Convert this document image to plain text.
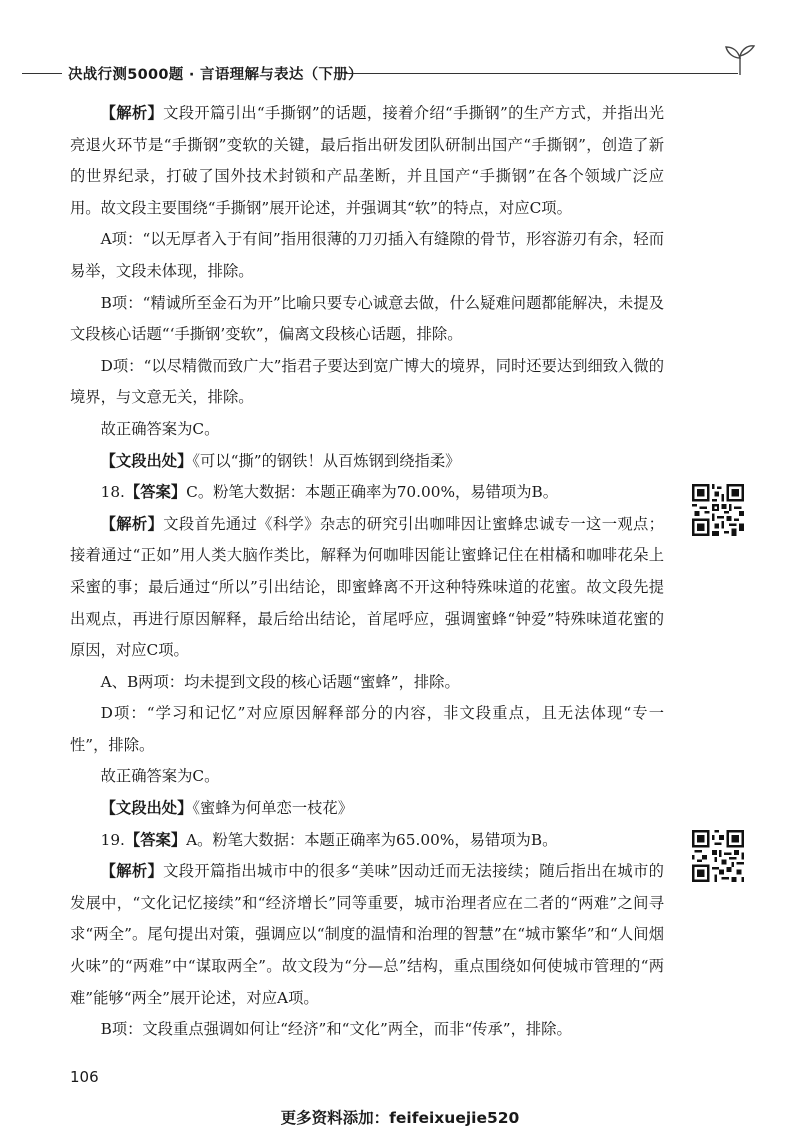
决战行测5000题 · 言语理解与表达（下册）

【解析】文段开篇引出“手撕钢”的话题，接着介绍“手撕钢”的生产方式，并指出光亮退火环节是“手撕钢”变软的关键，最后指出研发团队研制出国产“手撕钢”，创造了新的世界纪录，打破了国外技术封锁和产品垄断，并且国产“手撕钢”在各个领域广泛应用。故文段主要围绕“手撕钢”展开论述，并强调其“软”的特点，对应C项。

A项：“以无厚者入于有间”指用很薄的刀刃插入有缝隙的骨节，形容游刃有余，轻而易举，文段未体现，排除。

B项：“精诚所至金石为开”比喻只要专心诚意去做，什么疑难问题都能解决，未提及文段核心话题“‘手撕钢’变软”，偏离文段核心话题，排除。

D项：“以尽精微而致广大”指君子要达到宽广博大的境界，同时还要达到细致入微的境界，与文意无关，排除。

故正确答案为C。

【文段出处】《可以“撕”的钢铁！从百炼钢到绕指柔》

18.【答案】C。粉笔大数据：本题正确率为70.00%，易错项为B。

【解析】文段首先通过《科学》杂志的研究引出咖啡因让蜜蜂忠诚专一这一观点；接着通过“正如”用人类大脑作类比，解释为何咖啡因能让蜜蜂记住在柑橘和咖啡花朵上采蜜的事；最后通过“所以”引出结论，即蜜蜂离不开这种特殊味道的花蜜。故文段先提出观点，再进行原因解释，最后给出结论，首尾呼应，强调蜜蜂“钟爱”特殊味道花蜜的原因，对应C项。

A、B两项：均未提到文段的核心话题“蜜蜂”，排除。

D项：“学习和记忆”对应原因解释部分的内容，非文段重点，且无法体现“专一性”，排除。

故正确答案为C。

【文段出处】《蜜蜂为何单恋一枝花》

19.【答案】A。粉笔大数据：本题正确率为65.00%，易错项为B。

【解析】文段开篇指出城市中的很多“美味”因动迁而无法接续；随后指出在城市的发展中，“文化记忆接续”和“经济增长”同等重要，城市治理者应在二者的“两难”之间寻求“两全”。尾句提出对策，强调应以“制度的温情和治理的智慧”在“城市繁华”和“人间烟火味”的“两难”中“谋取两全”。故文段为“分—总”结构，重点围绕如何使城市管理的“两难”能够“两全”展开论述，对应A项。

B项：文段重点强调如何让“经济”和“文化”两全，而非“传承”，排除。

106
更多资料添加：feifeixuejie520
